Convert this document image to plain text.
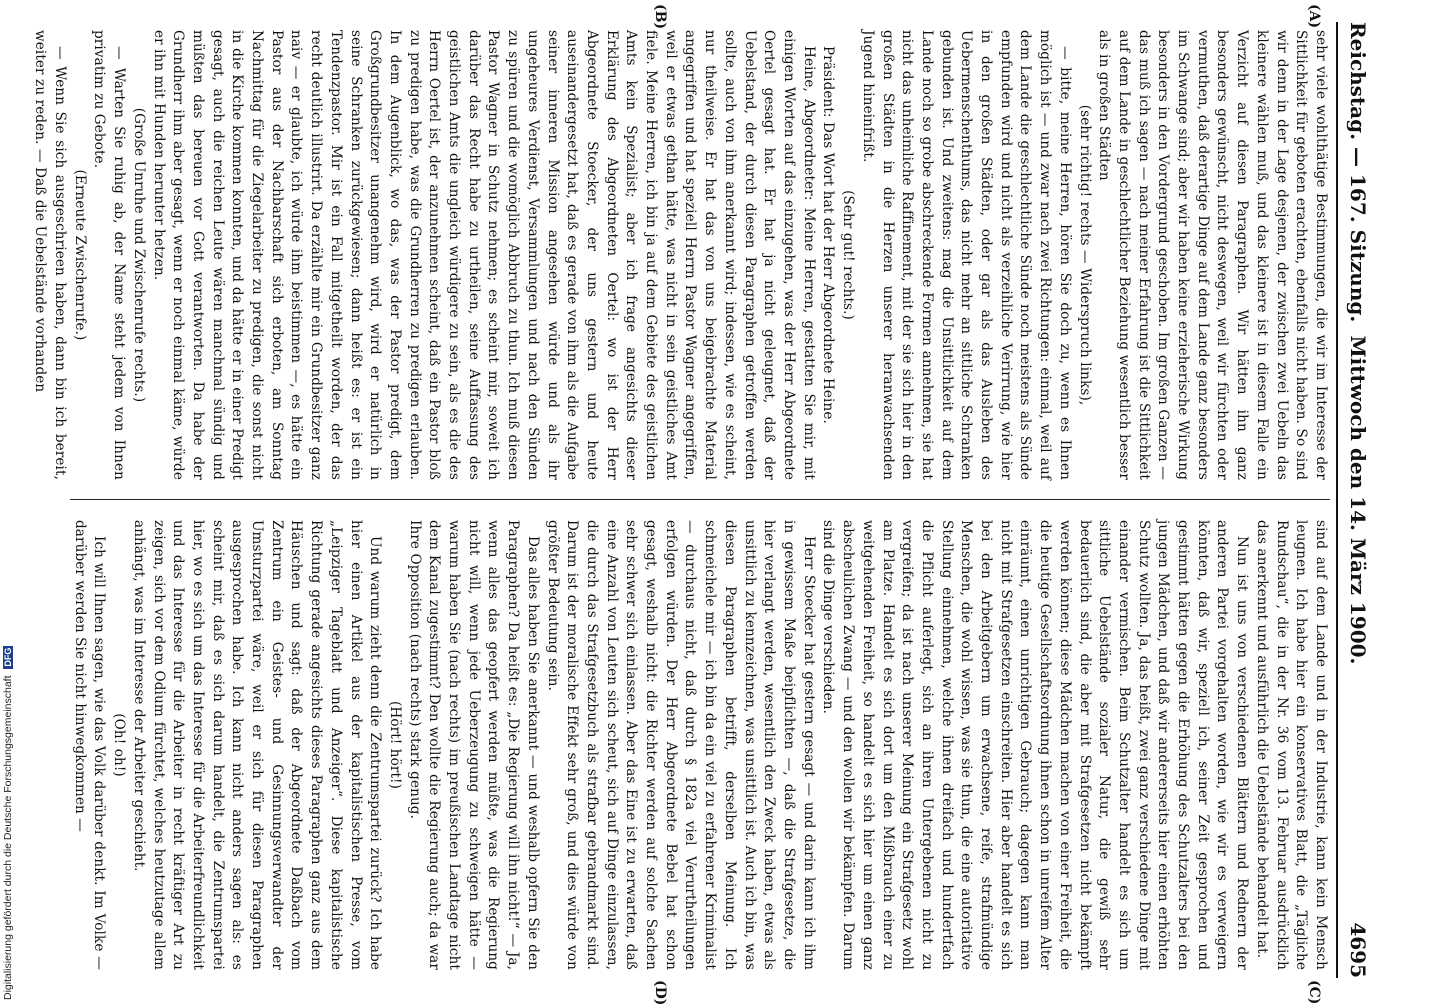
Reichstag. — 167. Sitzung.
Mittwoch den 14. März 1900.
4695
(A)
(B)
(C)
(D)

sehr viele wohlthätige Bestimmungen, die wir im Interesse der Sittlichkeit für geboten erachten, ebenfalls nicht haben. So sind wir denn in der Lage desjenen, der zwischen zwei Uebeln das kleinere wählen muß, und das kleinere ist in diesem Falle ein Verzicht auf diesen Paragraphen. Wir hätten ihn ganz besonders gewünscht, nicht deswegen, weil wir fürchten oder vermuthen, daß derartige Dinge auf dem Lande ganz besonders im Schwange sind; aber wir haben keine erzieherische Wirkung besonders in den Vordergrund geschoben. Im großen Ganzen — das muß ich sagen — nach meiner Erfahrung ist die Sittlichkeit auf dem Lande in geschlechtlicher Beziehung wesentlich besser als in großen Städten

(sehr richtig! rechts — Widerspruch links),

— bitte, meine Herren, hören Sie doch zu, wenn es Ihnen möglich ist — und zwar nach zwei Richtungen: einmal, weil auf dem Lande die geschlechtliche Sünde noch meistens als Sünde empfunden wird und nicht als verzeihliche Verirrung, wie hier in den großen Städten, oder gar als das Ausleben des Uebermenschenthums, das nicht mehr an sittliche Schranken gebunden ist. Und zweitens: mag die Unsittlichkeit auf dem Lande noch so grobe abschreckende Formen annehmen, sie hat nicht das unheimliche Raffinement, mit der sie sich hier in den großen Städten in die Herzen unserer heranwachsenden Jugend hineinfrißt.

(Sehr gut! rechts.)

Präsident: Das Wort hat der Herr Abgeordnete Heine.

Heine, Abgeordneter: Meine Herren, gestatten Sie mir, mit einigen Worten auf das einzugehen, was der Herr Abgeordnete Oertel gesagt hat. Er hat ja nicht geleugnet, daß der Uebelstand, der durch diesen Paragraphen getroffen werden sollte, auch von ihm anerkannt wird; indessen, wie es scheint, nur theilweise. Er hat das von uns beigebrachte Material angegriffen und hat speziell Herrn Pastor Wagner angegriffen, weil er etwas gethan hätte, was nicht in sein geistliches Amt fiele. Meine Herren, ich bin ja auf dem Gebiete des geistlichen Amts kein Spezialist; aber ich frage angesichts dieser Erklärung des Abgeordneten Oertel: wo ist der Herr Abgeordnete Stoecker, der uns gestern und heute auseinandergesetzt hat, daß es gerade von ihm als die Aufgabe seiner inneren Mission angesehen würde und als ihr ungeheures Verdienst, Versammlungen und nach den Sünden zu spüren und die womöglich Abbruch zu thun. Ich muß diesen Pastor Wagner in Schutz nehmen; es scheint mir, soweit ich darüber das Recht habe zu urtheilen, seine Auffassung des geistlichen Amts die ungleich würdigere zu sein, als es die des Herrn Oertel ist, der anzunehmen scheint, daß ein Pastor bloß zu predigen habe, was die Grundherren zu predigen erlauben. In dem Augenblick, wo das, was der Pastor predigt, dem Großgrundbesitzer unangenehm wird, wird er natürlich in seine Schranken zurückgewiesen; dann heißt es: er ist ein Tendenzpastor. Mir ist ein Fall mitgetheilt worden, der das recht deutlich illustrirt. Da erzählte mir ein Grundbesitzer ganz naiv — er glaubte, ich würde ihm beistimmen —, es hätte ein Pastor aus der Nachbarschaft sich erboten, am Sonntag Nachmittag für die Ziegelarbeiter zu predigen, die sonst nicht in die Kirche kommen konnten, und da hätte er in einer Predigt gesagt, auch die reichen Leute wären manchmal sündig und müßten das bereuen vor Gott verantworten. Da habe der Grundherr ihm aber gesagt, wenn er noch einmal käme, würde er ihn mit Hunden herunter hetzen.

(Große Unruhe und Zwischenrufe rechts.)

— Warten Sie ruhig ab, der Name steht jedem von Ihnen privatim zu Gebote.

(Erneute Zwischenrufe.)

— Wenn Sie sich ausgeschrieen haben, dann bin ich bereit, weiter zu reden. — Daß die Uebelstände vorhanden

sind auf dem Lande und in der Industrie, kann kein Mensch leugnen. Ich habe hier ein konservatives Blatt, die „Tägliche Rundschau“, die in der Nr. 36 vom 13. Februar ausdrücklich das anerkennt und ausführlich die Uebelstände behandelt hat.

Nun ist uns von verschiedenen Blättern und Rednern der anderen Partei vorgehalten worden, wie wir es verweigern könnten, daß wir, speziell ich, seiner Zeit gesprochen und gestimmt hätten gegen die Erhöhung des Schutzalters bei den jungen Mädchen, und daß wir andererseits hier einen erhöhten Schutz wollten. Ja, das heißt, zwei ganz verschiedene Dinge mit einander vermischen. Beim Schutzalter handelt es sich um sittliche Uebelstände sozialer Natur, die gewiß sehr bedauerlich sind, die aber mit Strafgesetzen nicht bekämpft werden können; diese Mädchen machen von einer Freiheit, die die heutige Gesellschaftsordnung ihnen schon in unreifem Alter einräumt, einen unrichtigen Gebrauch; dagegen kann man nicht mit Strafgesetzen einschreiten. Hier aber handelt es sich bei den Arbeitgebern um erwachsene, reife, strafmündige Menschen, die wohl wissen, was sie thun, die eine autoritative Stellung einnehmen, welche ihnen dreifach und hundertfach die Pflicht auferlegt, sich an ihren Untergebenen nicht zu vergreifen; da ist nach unserer Meinung ein Strafgesetz wohl am Platze. Handelt es sich dort um den Mißbrauch einer zu weitgehenden Freiheit, so handelt es sich hier um einen ganz abscheulichen Zwang — und den wollen wir bekämpfen. Darum sind die Dinge verschieden.

Herr Stoecker hat gestern gesagt — und darin kann ich ihm in gewissem Maße beipflichten —, daß die Strafgesetze, die hier verlangt werden, wesentlich den Zweck haben, etwas als unsittlich zu kennzeichnen, was unsittlich ist. Auch ich bin, was diesen Paragraphen betrifft, derselben Meinung. Ich schmeichele mir — ich bin da ein viel zu erfahrener Kriminalist — durchaus nicht, daß durch § 182a viel Verurtheilungen erfolgen würden. Der Herr Abgeordnete Bebel hat schon gesagt, weshalb nicht: die Richter werden auf solche Sachen sehr schwer sich einlassen. Aber das Eine ist zu erwarten, daß eine Anzahl von Leuten sich scheut, sich auf Dinge einzulassen, die durch das Strafgesetzbuch als strafbar gebrandmarkt sind. Darum ist der moralische Effekt sehr groß, und dies würde von größter Bedeutung sein.

Das alles haben Sie anerkannt — und weshalb opfern Sie den Paragraphen? Da heißt es: „Die Regierung will ihn nicht!“ — Ja, wenn alles das geopfert werden müßte, was die Regierung nicht will, wenn jede Ueberzeugung zu schweigen hätte — warum haben Sie (nach rechts) im preußischen Landtage nicht dem Kanal zugestimmt? Den wollte die Regierung auch; da war Ihre Opposition (nach rechts) stark genug.

(Hört! hört!)

Und warum zieht denn die Zentrumspartei zurück? Ich habe hier einen Artikel aus der kapitalistischen Presse, vom „Leipziger Tageblatt und Anzeiger“. Diese kapitalistische Richtung gerade angesichts dieses Paragraphen ganz aus dem Häuschen und sagt: daß der Abgeordnete Daßbach vom Zentrum ein Geistes- und Gesinnungsverwandter der Umsturzpartei wäre, weil er sich für diesen Paragraphen ausgesprochen habe. Ich kann nicht anders sagen als: es scheint mir, daß es sich darum handelt, die Zentrumspartei hier, wo es sich um das Interesse für die Arbeiterfreundlichkeit und das Interesse für die Arbeiter in recht kräftiger Art zu zeigen, sich vor dem Odium fürchtet, welches heutzutage allem anhängt, was im Interesse der Arbeiter geschieht.

(Oh! oh!)

Ich will Ihnen sagen, wie das Volk darüber denkt. Im Volke — darüber werden Sie nicht hinwegkommen —

Digitalisierung gefördert durch die Deutsche Forschungsgemeinschaft DFG
